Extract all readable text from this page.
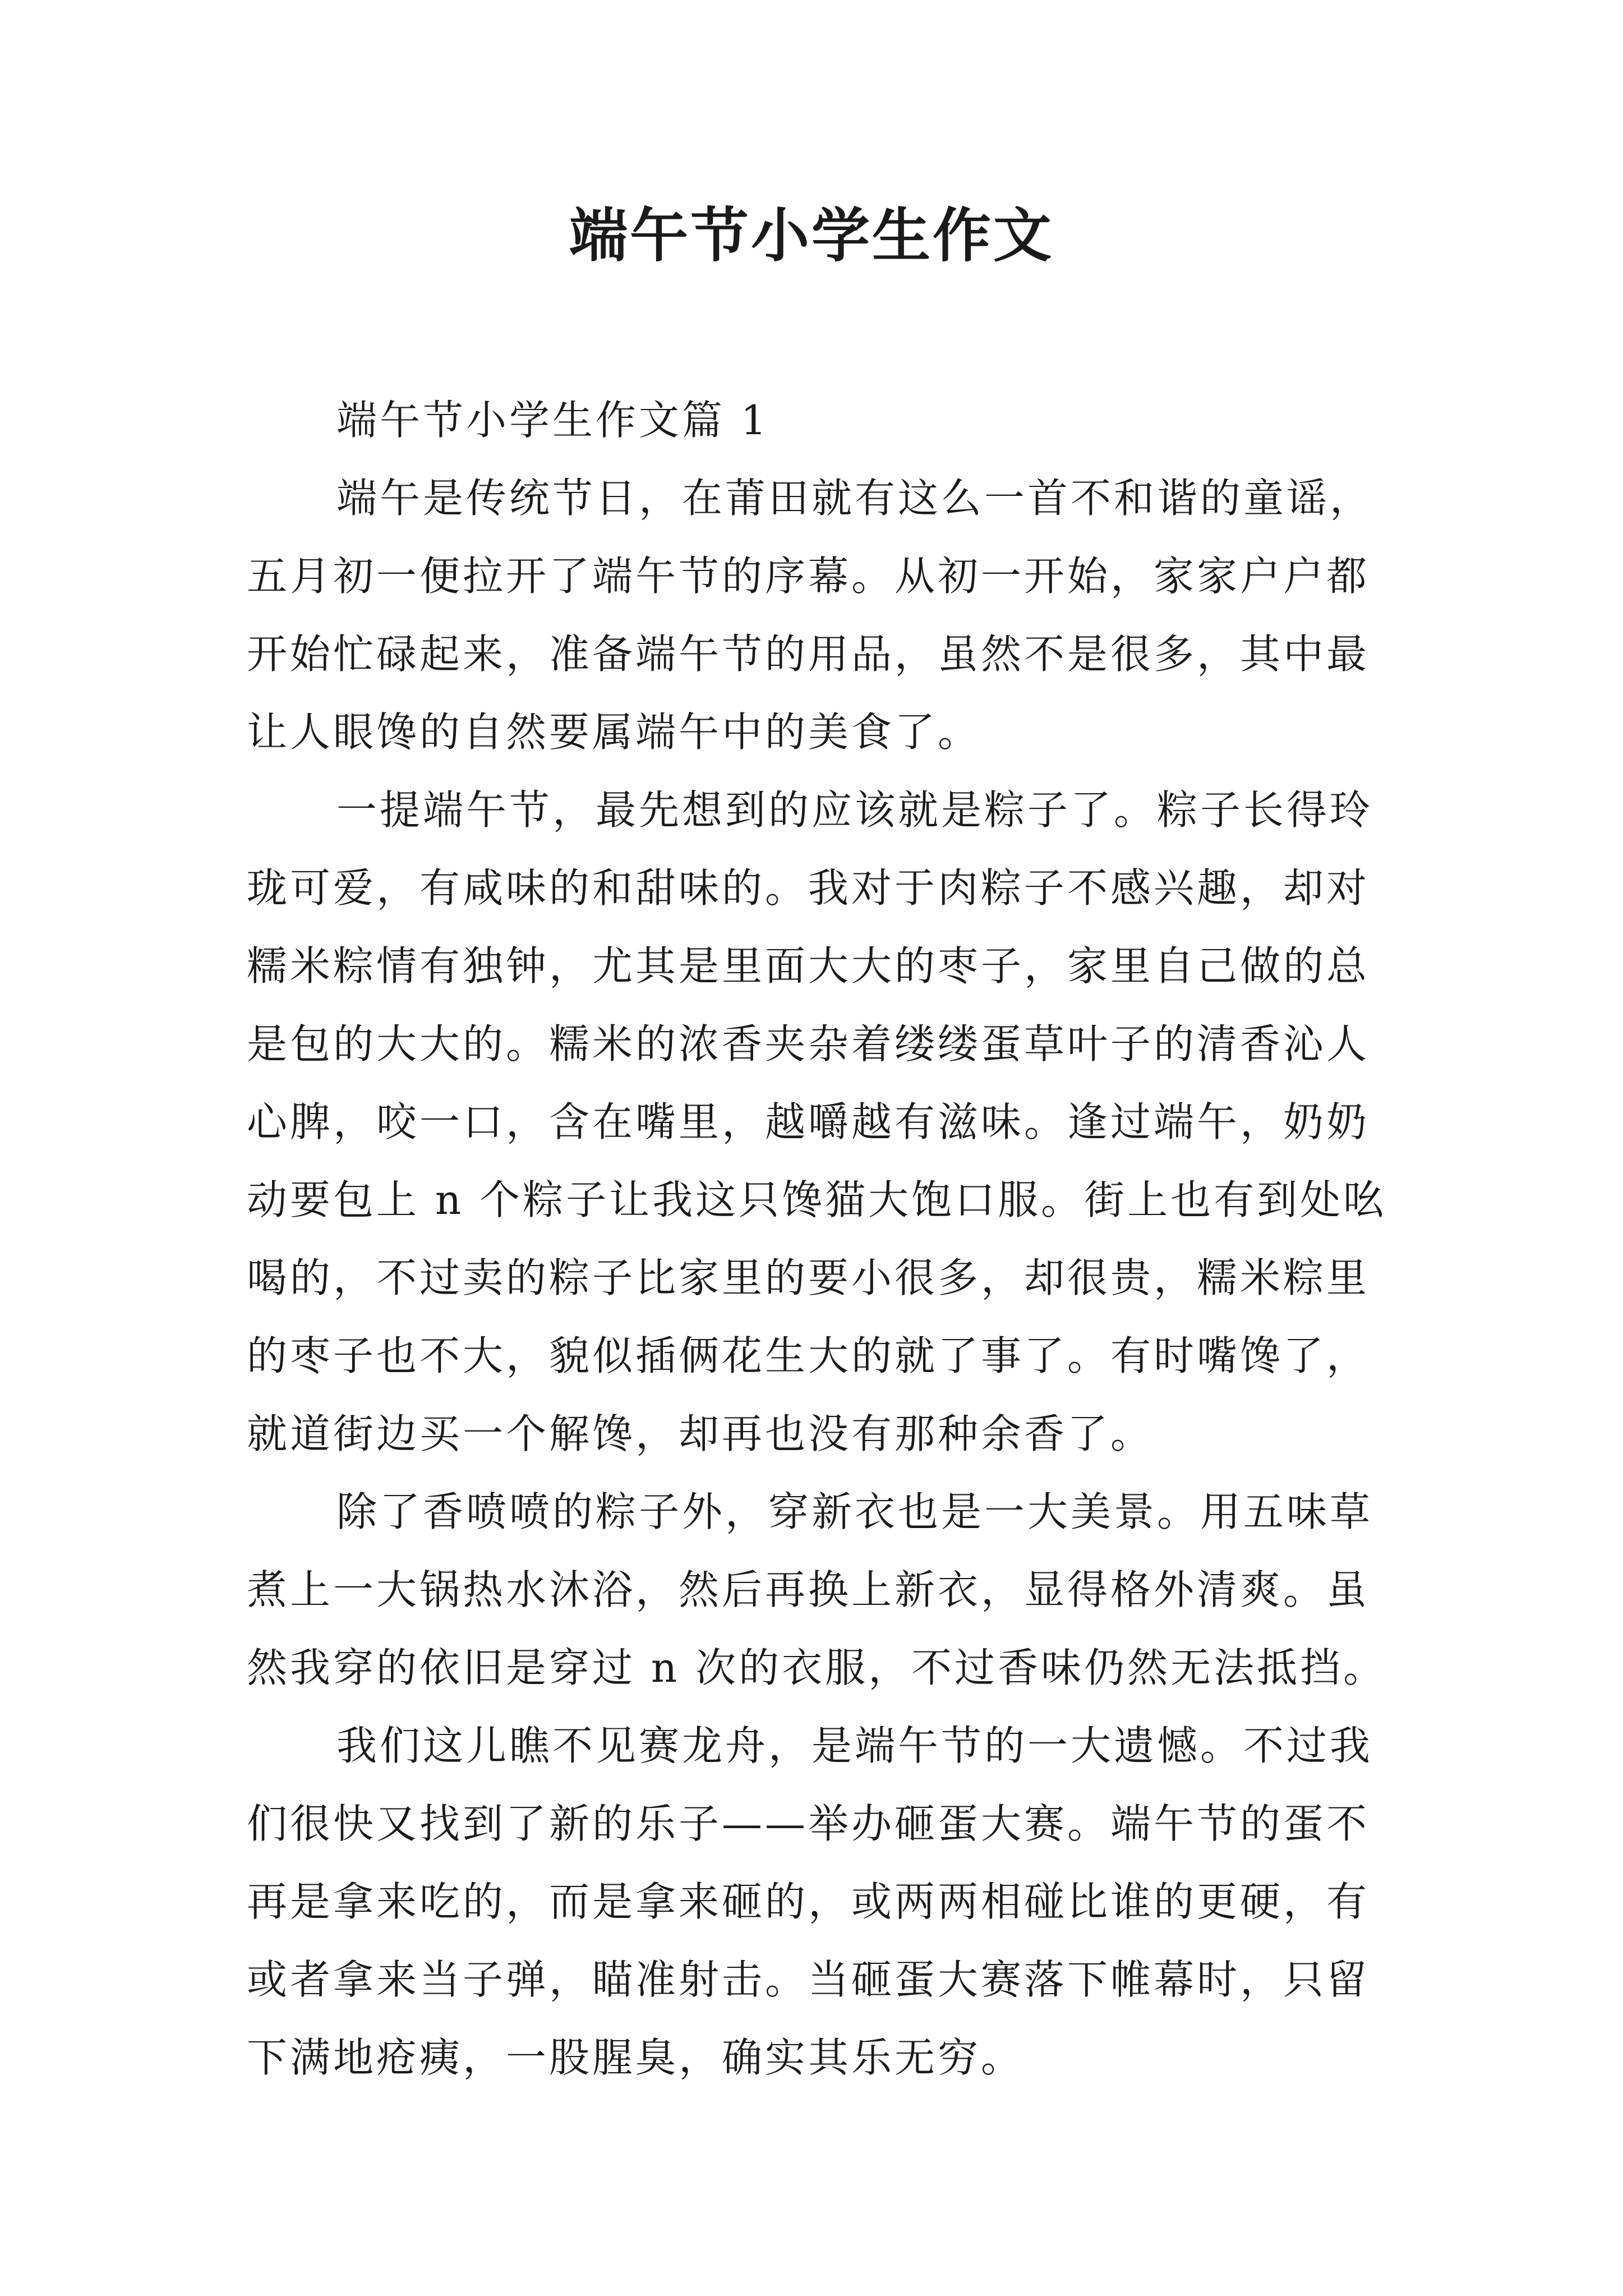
端午节小学生作文
端午节小学生作文篇 1
端午是传统节日，在莆田就有这么一首不和谐的童谣，
五月初一便拉开了端午节的序幕。从初一开始，家家户户都
开始忙碌起来，准备端午节的用品，虽然不是很多，其中最
让人眼馋的自然要属端午中的美食了。
一提端午节，最先想到的应该就是粽子了。粽子长得玲
珑可爱，有咸味的和甜味的。我对于肉粽子不感兴趣，却对
糯米粽情有独钟，尤其是里面大大的枣子，家里自己做的总
是包的大大的。糯米的浓香夹杂着缕缕蛋草叶子的清香沁人
心脾，咬一口，含在嘴里，越嚼越有滋味。逢过端午，奶奶
动要包上 n 个粽子让我这只馋猫大饱口服。街上也有到处吆
喝的，不过卖的粽子比家里的要小很多，却很贵，糯米粽里
的枣子也不大，貌似插俩花生大的就了事了。有时嘴馋了，
就道街边买一个解馋，却再也没有那种余香了。
除了香喷喷的粽子外，穿新衣也是一大美景。用五味草
煮上一大锅热水沐浴，然后再换上新衣，显得格外清爽。虽
然我穿的依旧是穿过 n 次的衣服，不过香味仍然无法抵挡。
我们这儿瞧不见赛龙舟，是端午节的一大遗憾。不过我
们很快又找到了新的乐子——举办砸蛋大赛。端午节的蛋不
再是拿来吃的，而是拿来砸的，或两两相碰比谁的更硬，有
或者拿来当子弹，瞄准射击。当砸蛋大赛落下帷幕时，只留
下满地疮痍，一股腥臭，确实其乐无穷。
